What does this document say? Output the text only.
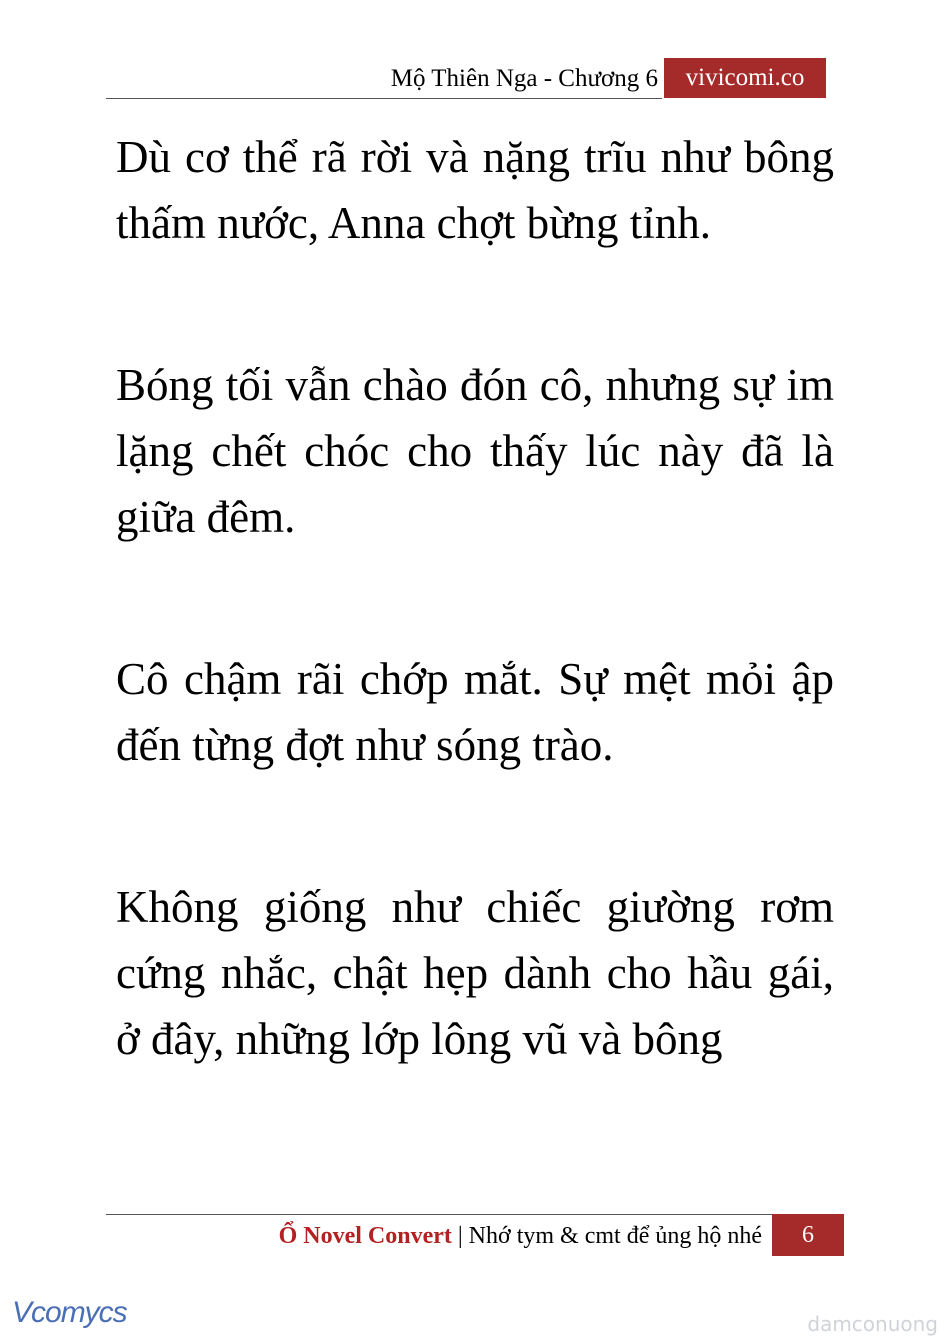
Mộ Thiên Nga - Chương 6	vivicomi.co

Dù cơ thể rã rời và nặng trĩu như bông thấm nước, Anna chợt bừng tỉnh.

Bóng tối vẫn chào đón cô, nhưng sự im lặng chết chóc cho thấy lúc này đã là giữa đêm.

Cô chậm rãi chớp mắt. Sự mệt mỏi ập đến từng đợt như sóng trào.

Không giống như chiếc giường rơm cứng nhắc, chật hẹp dành cho hầu gái, ở đây, những lớp lông vũ và bông

Ổ Novel Convert | Nhớ tym & cmt để ủng hộ nhé	6
Vcomycs	damconuong
